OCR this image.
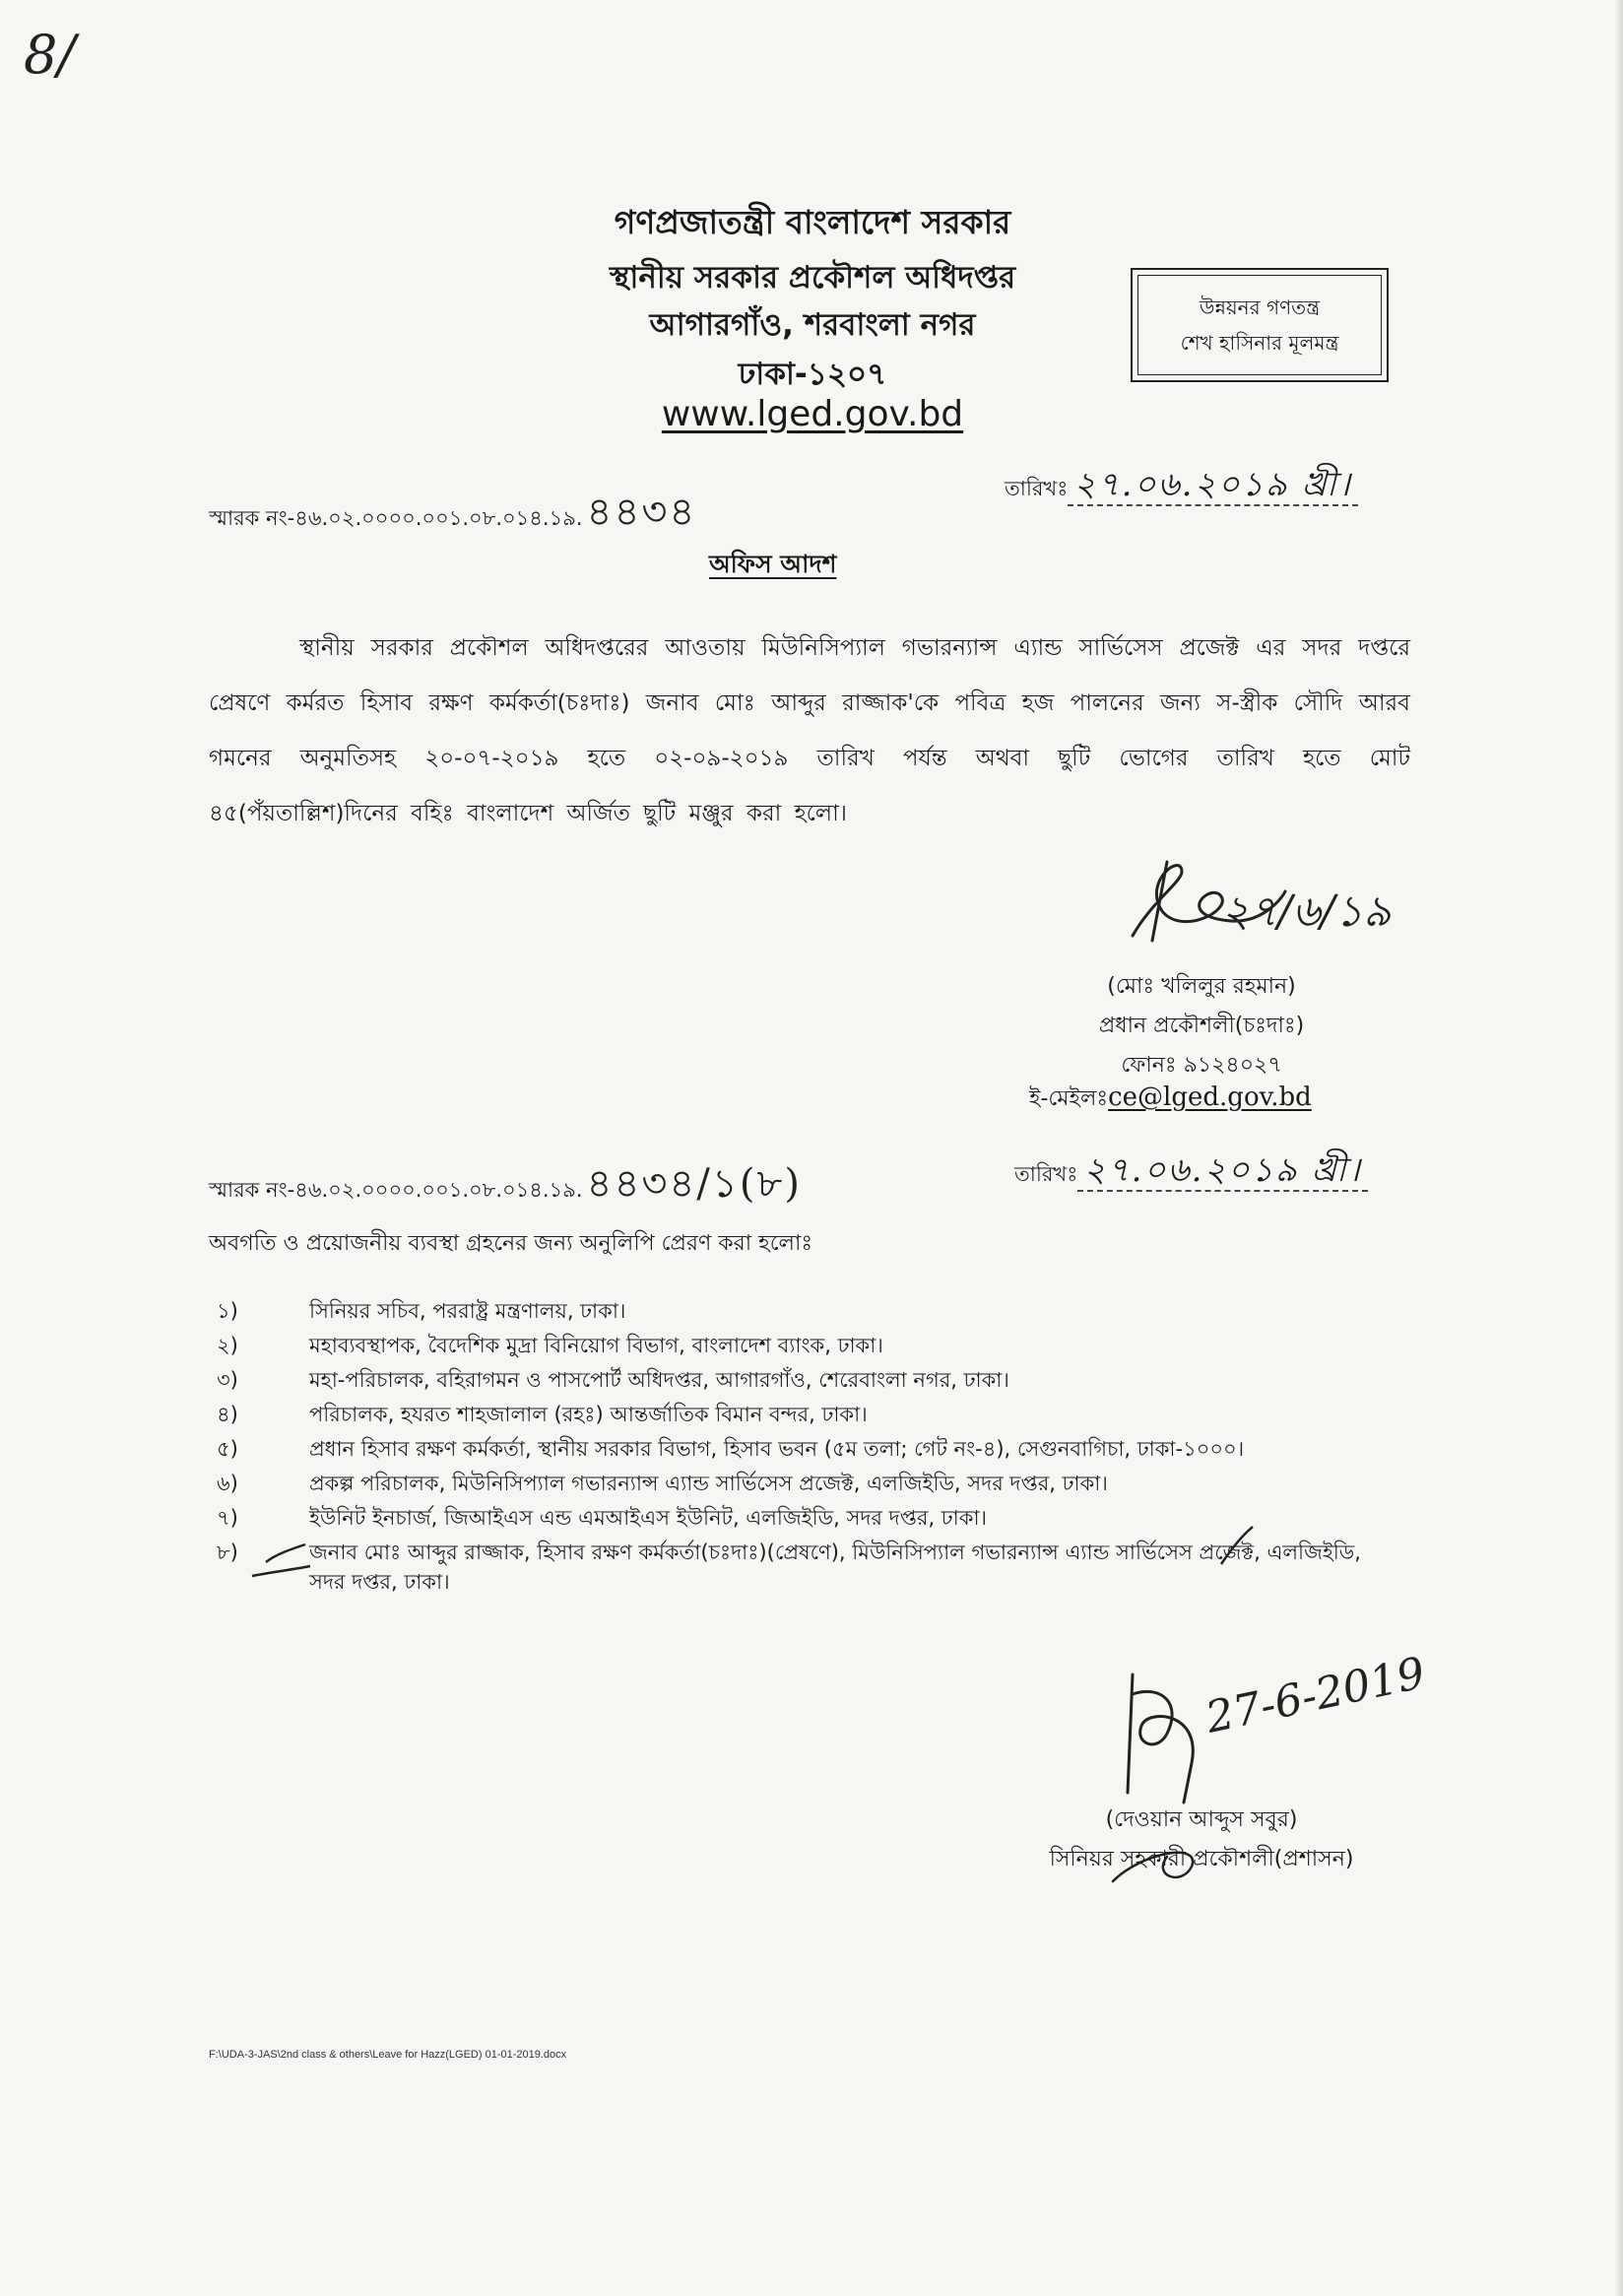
8/
গণপ্রজাতন্ত্রী বাংলাদেশ সরকার
স্থানীয় সরকার প্রকৌশল অধিদপ্তর
আগারগাঁও, শরবাংলা নগর
ঢাকা-১২০৭
www.lged.gov.bd
উন্নয়নর গণতন্ত্র
শেখ হাসিনার মূলমন্ত্র
স্মারক নং-৪৬.০২.০০০০.০০১.০৮.০১৪.১৯. ৪৪৩৪
তারিখঃ ২৭.০৬.২০১৯ খ্রী।
অফিস আদশ
স্থানীয় সরকার প্রকৌশল অধিদপ্তরের আওতায় মিউনিসিপ্যাল গভারন্যান্স এ্যান্ড সার্ভিসেস প্রজেক্ট এর সদর দপ্তরে প্রেষণে কর্মরত হিসাব রক্ষণ কর্মকর্তা(চঃদাঃ) জনাব মোঃ আব্দুর রাজ্জাক'কে পবিত্র হজ পালনের জন্য স-স্ত্রীক সৌদি আরব গমনের অনুমতিসহ ২০-০৭-২০১৯ হতে ০২-০৯-২০১৯ তারিখ পর্যন্ত অথবা ছুটি ভোগের তারিখ হতে মোট ৪৫(পঁয়তাল্লিশ)দিনের বহিঃ বাংলাদেশ অর্জিত ছুটি মঞ্জুর করা হলো।
২৭/৬/১৯
(মোঃ খলিলুর রহমান)
প্রধান প্রকৌশলী(চঃদাঃ)
ফোনঃ ৯১২৪০২৭
ই-মেইলঃce@lged.gov.bd
স্মারক নং-৪৬.০২.০০০০.০০১.০৮.০১৪.১৯. ৪৪৩৪/১(৮)	তারিখঃ ২৭.০৬.২০১৯ খ্রী।
অবগতি ও প্রয়োজনীয় ব্যবস্থা গ্রহনের জন্য অনুলিপি প্রেরণ করা হলোঃ
১)	সিনিয়র সচিব, পররাষ্ট্র মন্ত্রণালয়, ঢাকা।
২)	মহাব্যবস্থাপক, বৈদেশিক মুদ্রা বিনিয়োগ বিভাগ, বাংলাদেশ ব্যাংক, ঢাকা।
৩)	মহা-পরিচালক, বহিরাগমন ও পাসপোর্ট অধিদপ্তর, আগারগাঁও, শেরেবাংলা নগর, ঢাকা।
৪)	পরিচালক, হযরত শাহজালাল (রহঃ) আন্তর্জাতিক বিমান বন্দর, ঢাকা।
৫)	প্রধান হিসাব রক্ষণ কর্মকর্তা, স্থানীয় সরকার বিভাগ, হিসাব ভবন (৫ম তলা; গেট নং-৪), সেগুনবাগিচা, ঢাকা-১০০০।
৬)	প্রকল্প পরিচালক, মিউনিসিপ্যাল গভারন্যান্স এ্যান্ড সার্ভিসেস প্রজেক্ট, এলজিইডি, সদর দপ্তর, ঢাকা।
৭)	ইউনিট ইনচার্জ, জিআইএস এন্ড এমআইএস ইউনিট, এলজিইডি, সদর দপ্তর, ঢাকা।
৮)	জনাব মোঃ আব্দুর রাজ্জাক, হিসাব রক্ষণ কর্মকর্তা(চঃদাঃ)(প্রেষণে), মিউনিসিপ্যাল গভারন্যান্স এ্যান্ড সার্ভিসেস প্রজেক্ট, এলজিইডি, সদর দপ্তর, ঢাকা।
27-6-2019
(দেওয়ান আব্দুস সবুর)
সিনিয়র সহকারী প্রকৌশলী(প্রশাসন)
F:\UDA-3-JAS\2nd class & others\Leave for Hazz(LGED) 01-01-2019.docx
